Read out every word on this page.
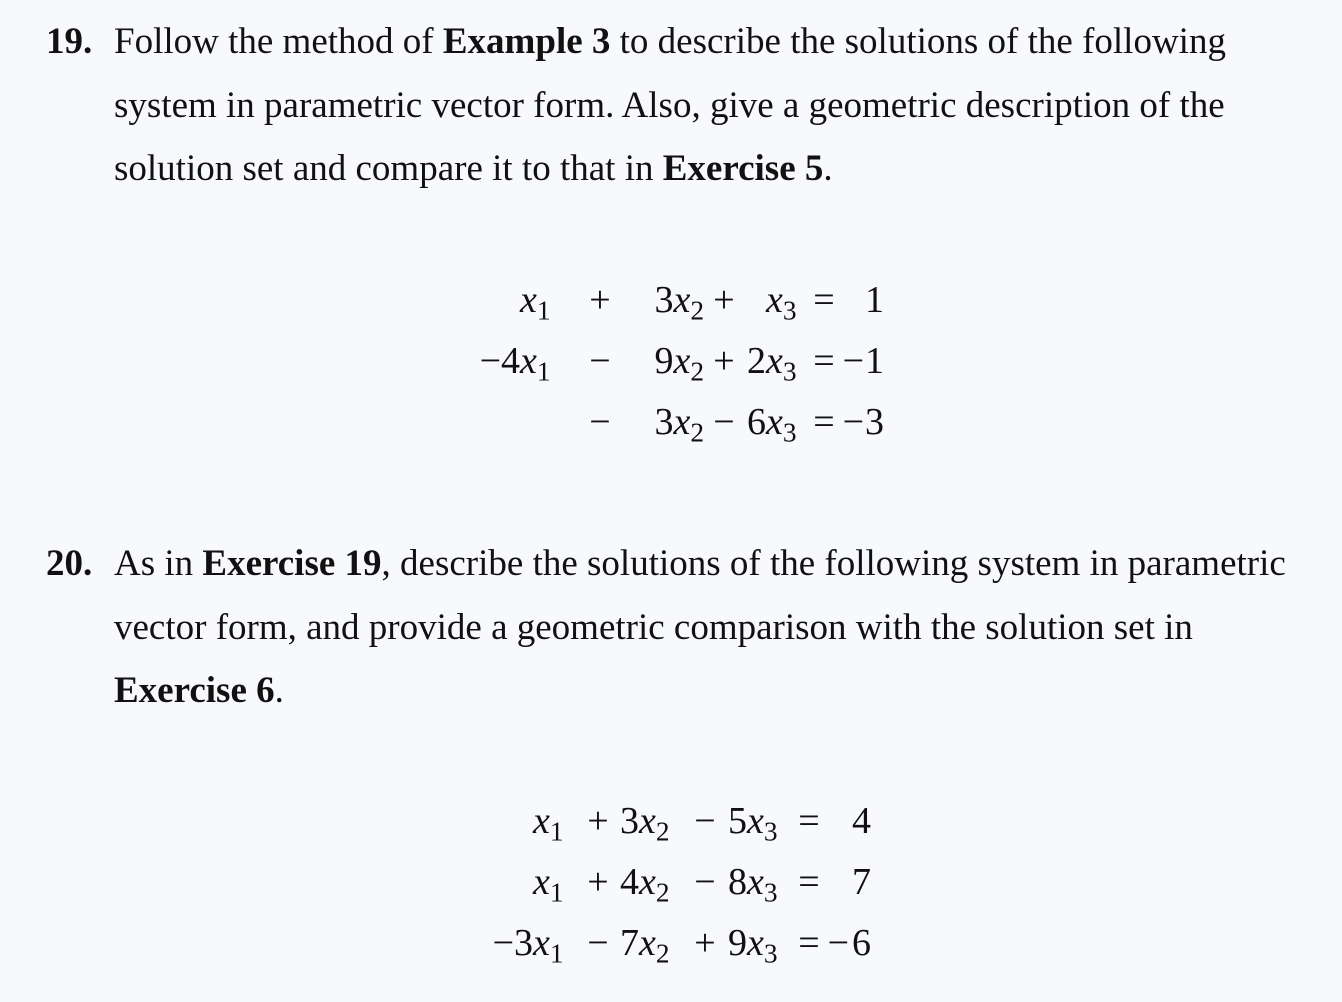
19. Follow the method of Example 3 to describe the solutions of the following system in parametric vector form. Also, give a geometric description of the solution set and compare it to that in Exercise 5.
	$x_1$	+		$3x_2$	+		$x_3$	=		1
−4	$x_1$	−		$9x_2$	+	2	$x_3$	=	−	1
		−		$3x_2$	−	6	$x_3$	=	−	3
20. As in Exercise 19, describe the solutions of the following system in parametric vector form, and provide a geometric comparison with the solution set in Exercise 6.
	$x_1$	+	3	$x_2$	−	5	$x_3$	=		4
	$x_1$	+	4	$x_2$	−	8	$x_3$	=		7
−3	$x_1$	−	7	$x_2$	+	9	$x_3$	=	−	6
